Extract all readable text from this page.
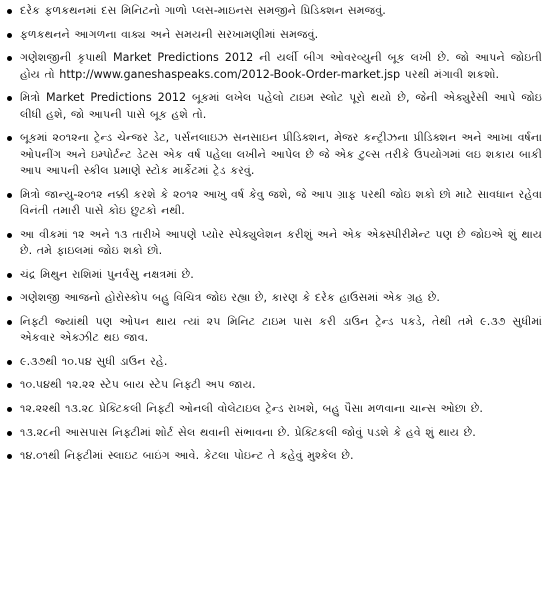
દરેક ફળકથનમાં દસ મિનિટનો ગાળો પ્લસ-માઇનસ સમજીને પ્રિડિક્શન સમજવું.
ફળકથનને આગળના વાક્ય અને સમયની સરખામણીમાં સમજવું.
ગણેશજીની કૃપાથી Market Predictions 2012 ની યર્લી બીગ ઓવરવ્યુની બૂક લખી છે. જો આપને જોઇતી હોય તો http://www.ganeshaspeaks.com/2012-Book-Order-market.jsp પરથી મંગાવી શકશો.
મિત્રો Market Predictions 2012 બૂકમાં લખેલ પહેલો ટાઇમ સ્લોટ પૂરો થયો છે, જેની એક્યુરેસી આપે જોઇ લીધી હશે, જો આપની પાસે બૂક હશે તો.
બૂકમાં ૨૦૧૨ના ટ્રેન્ડ ચેન્જર ડેટ, પર્સનલાઇઝ સનસાઇન પ્રીડિક્શન, મેજર કન્ટ્રીઝના પ્રીડિક્શન અને આખા વર્ષના ઓપનીંગ અને ઇમ્પોર્ટન્ટ ડેટસ એક વર્ષ પહેલા લખીને આપેલ છે જે એક ટુલ્સ તરીકે ઉપયોગમાં લઇ શકાય બાકી આપ આપની સ્કીલ પ્રમાણે સ્ટોક માર્કેટમાં ટ્રેડ કરવું.
મિત્રો જાન્યુ-૨૦૧૨ નક્કી કરશે કે ૨૦૧૨ આખુ વર્ષ કેવુ જશે, જે આપ ગ્રાફ પરથી જોઇ શકો છો માટે સાવધાન રહેવા વિનંતી તમારી પાસે કોઇ છુટકો નથી.
આ વીકમાં ૧૨ અને ૧૩ તારીખે આપણે પ્યોર સ્પેક્યુલેશન કરીશું અને એક એક્સ્પીરીમેન્ટ પણ છે જોઇએ શું થાય છે. તમે ફાઇલમાં જોઇ શકો છો.
ચંદ્ર મિથુન રાશિમાં પુનર્વસુ નક્ષત્રમાં છે.
ગણેશજી આજનો હોરોસ્કોપ બહુ વિચિત્ર જોઇ રહ્યા છે, કારણ કે દરેક હાઉસમાં એક ગ્રહ છે.
નિફ્ટી જ્યાંથી પણ ઓપન થાય ત્યાં ૨૫ મિનિટ ટાઇમ પાસ કરી ડાઉન ટ્રેન્ડ પકડે, તેથી તમે ૯.૩૭ સુધીમાં એકવાર એક્ઝીટ થઇ જાવ.
૯.૩૭થી ૧૦.૫૪ સુધી ડાઉન રહે.
૧૦.૫૪થી ૧૨.૨૨ સ્ટેપ બાય સ્ટેપ નિફ્ટી અપ જાય.
૧૨.૨૨થી ૧૩.૨૮ પ્રેક્ટિકલી નિફ્ટી ઓનલી વોલેટાઇલ ટ્રેન્ડ રાખશે, બહુ પૈસા મળવાના ચાન્સ ઓછા છે.
૧૩.૨૮ની આસપાસ નિફ્ટીમાં શોર્ટ સેલ થવાની સંભાવના છે. પ્રેક્ટિકલી જોવું પડશે કે હવે શું થાય છે.
૧૪.૦૧થી નિફ્ટીમાં સ્લાઇટ બાઇંગ આવે. કેટલા પોઇન્ટ તે કહેવું મુશ્કેલ છે.
